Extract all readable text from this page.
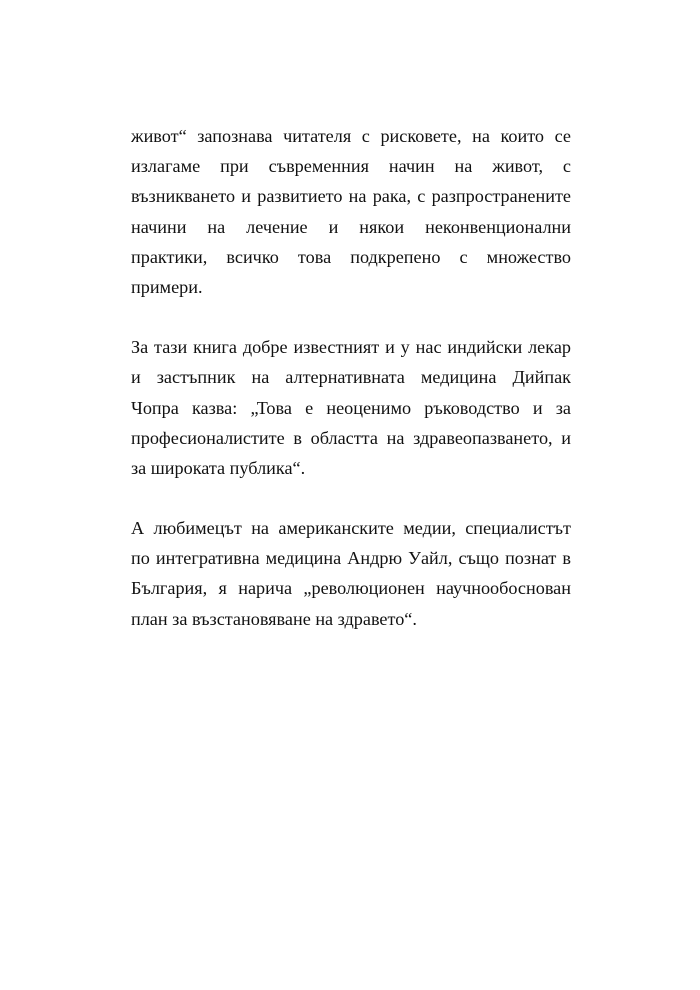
живот“ запознава читателя с рисковете, на които се
излагаме при съвременния начин на живот, с
възникването и развитието на рака, с разпространените
начини на лечение и някои неконвенционални
практики, всичко това подкрепено с множество
примери.

За тази книга добре известният и у нас индийски лекар
и застъпник на алтернативната медицина Дийпак
Чопра казва: „Това е неоценимо ръководство и за
професионалистите в областта на здравеопазването, и
за широката публика“.

А любимецът на американските медии, специалистът
по интегративна медицина Андрю Уайл, също познат в
България, я нарича „революционен научнообоснован
план за възстановяване на здравето“.
